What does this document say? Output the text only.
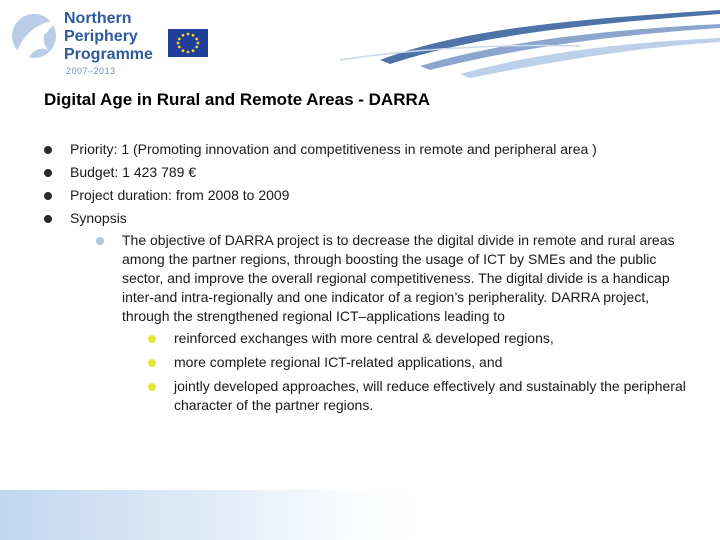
Northern
Periphery
Programme
2007–2013
Digital Age in Rural and Remote Areas - DARRA
Priority: 1 (Promoting innovation and competitiveness in remote and peripheral area )
Budget: 1 423 789 €
Project duration: from 2008 to 2009
Synopsis
The objective of DARRA project is to decrease the digital divide in remote and rural areas among the partner regions, through boosting the usage of ICT by SMEs and the public sector, and improve the overall regional competitiveness. The digital divide is a handicap inter-and intra-regionally and one indicator of a region’s peripherality. DARRA project, through the strengthened regional ICT–applications leading to
reinforced exchanges with more central & developed regions,
more complete regional ICT-related applications, and
jointly developed approaches, will reduce effectively and sustainably the peripheral character of the partner regions.
